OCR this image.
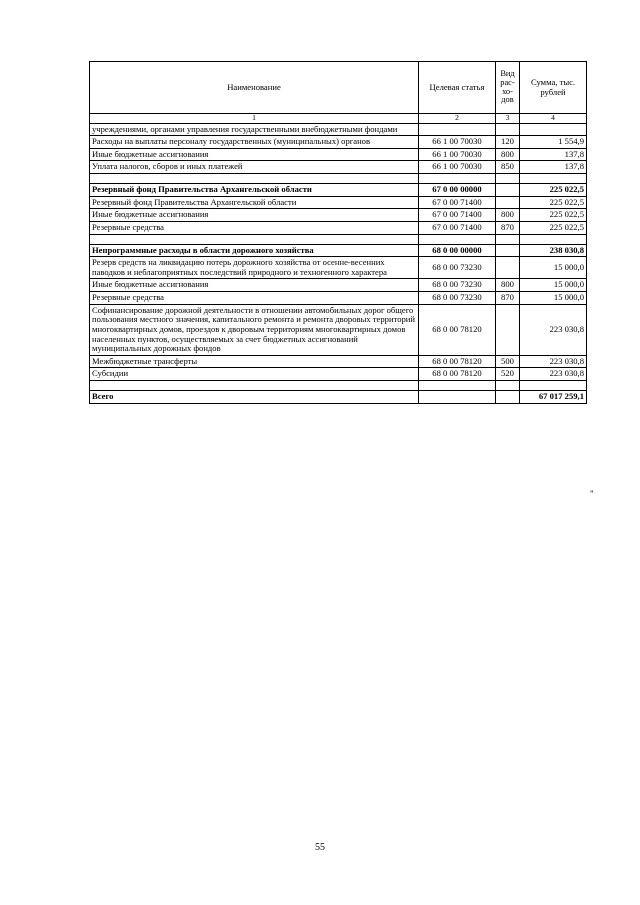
Наименование	Целевая статья	Вид рас-хо-дов	Сумма, тыс. рублей
1	2	3	4
учреждениями, органами управления государственными внебюджетными фондами			
Расходы на выплаты персоналу государственных (муниципальных) органов	66 1 00 70030	120	1 554,9
Иные бюджетные ассигнования	66 1 00 70030	800	137,8
Уплата налогов, сборов и иных платежей	66 1 00 70030	850	137,8

Резервный фонд Правительства Архангельской области	67 0 00 00000		225 022,5
Резервный фонд Правительства Архангельской области	67 0 00 71400		225 022,5
Иные бюджетные ассигнования	67 0 00 71400	800	225 022,5
Резервные средства	67 0 00 71400	870	225 022,5

Непрограммные расходы в области дорожного хозяйства	68 0 00 00000		238 030,8
Резерв средств на ликвидацию потерь дорожного хозяйства от осенне-весенних паводков и неблагоприятных последствий природного и техногенного характера	68 0 00 73230		15 000,0
Иные бюджетные ассигнования	68 0 00 73230	800	15 000,0
Резервные средства	68 0 00 73230	870	15 000,0
Софинансирование дорожной деятельности в отношении автомобильных дорог общего пользования местного значения, капитального ремонта и ремонта дворовых территорий многоквартирных домов, проездов к дворовым территориям многоквартирных домов населенных пунктов, осуществляемых за счет бюджетных ассигнований муниципальных дорожных фондов	68 0 00 78120		223 030,8
Межбюджетные трансферты	68 0 00 78120	500	223 030,8
Субсидии	68 0 00 78120	520	223 030,8

Всего			67 017 259,1
"
55
